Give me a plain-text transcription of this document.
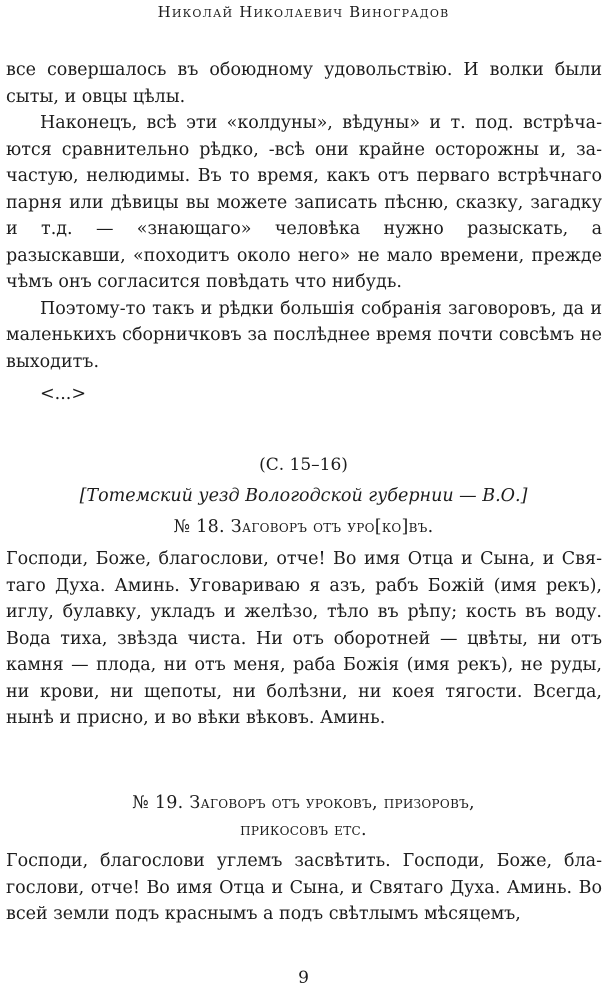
Николай Николаевич Виноградов

все совершалось въ обоюдному удовольствiю. И волки были сыты, и овцы цѣлы.

Наконецъ, всѣ эти «колдуны», вѣдуны» и т. под. встрѣча- ются сравнительно рѣдко, -всѣ они крайне осторожны и, за- частую, нелюдимы. Въ то время, какъ отъ перваго встрѣчнаго парня или дѣвицы вы можете записать пѣсню, сказку, загадку и т.д. — «знающаго» человѣка нужно разыскать, а разыскавши, «походитъ около него» не мало времени, прежде чѣмъ онъ согласится повѣдать что нибудь.

Поэтому-то такъ и рѣдки большiя собранiя заговоровъ, да и маленькихъ сборничковъ за послѣднее время почти совсѣмъ не выходитъ.

<...>
(С. 15–16)
[Тотемский уезд Вологодской губернии — В.О.]
№ 18. Заговоръ отъ уро[ко]въ.

Господи, Боже, благослови, отче! Во имя Отца и Сына, и Свя- таго Духа. Аминь. Уговариваю я азъ, рабъ Божiй (имя рекъ), иглу, булавку, укладъ и желѣзо, тѣло въ рѣпу; кость въ воду. Вода тиха, звѣзда чиста. Ни отъ оборотней — цвѣты, ни отъ камня — плода, ни отъ меня, раба Божiя (имя рекъ), не руды, ни крови, ни щепоты, ни болѣзни, ни коея тягости. Всегда, нынѣ и присно, и во вѣки вѣковъ. Аминь.

№ 19. Заговоръ отъ уроковъ, призоровъ,
прикосовъ етс.

Господи, благослови углемъ засвѣтить. Господи, Боже, бла- гослови, отче! Во имя Отца и Сына, и Святаго Духа. Аминь. Во всей земли подъ краснымъ а подъ свѣтлымъ мѣсяцемъ,

9
